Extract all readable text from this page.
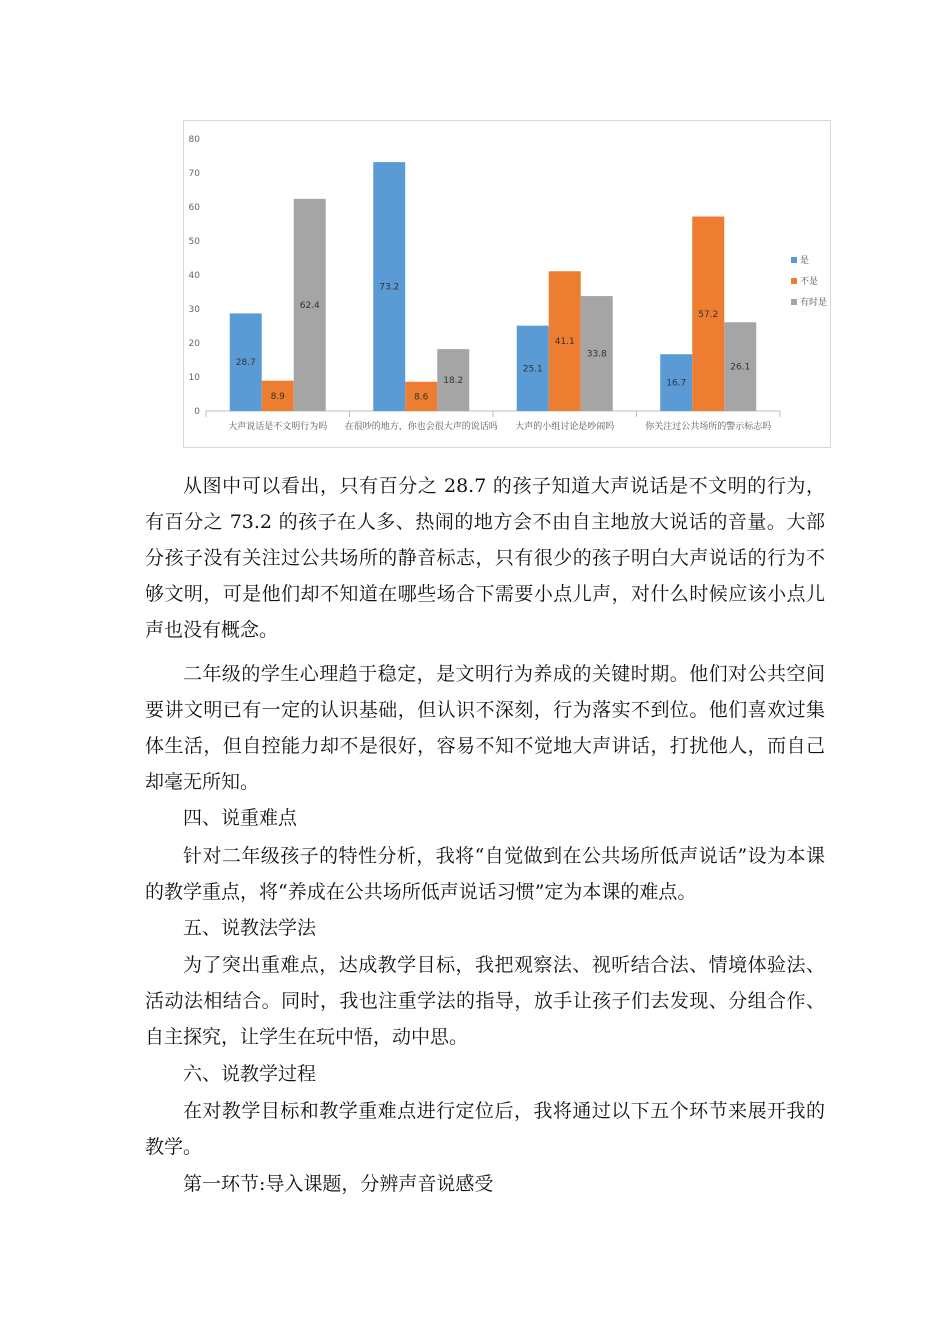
0
10
20
30
40
50
60
70
80
28.7
8.9
62.4
大声说话是不文明行为吗
73.2
8.6
18.2
在很吵的地方，你也会很大声的说话吗
25.1
41.1
33.8
大声的小组讨论是吵闹吗
16.7
57.2
26.1
你关注过公共场所的警示标志吗
是
不是
有时是

从图中可以看出，只有百分之 28.7 的孩子知道大声说话是不文明的行为，有百分之 73.2 的孩子在人多、热闹的地方会不由自主地放大说话的音量。大部分孩子没有关注过公共场所的静音标志，只有很少的孩子明白大声说话的行为不够文明，可是他们却不知道在哪些场合下需要小点儿声，对什么时候应该小点儿声也没有概念。

二年级的学生心理趋于稳定，是文明行为养成的关键时期。他们对公共空间要讲文明已有一定的认识基础，但认识不深刻，行为落实不到位。他们喜欢过集体生活，但自控能力却不是很好，容易不知不觉地大声讲话，打扰他人，而自己却毫无所知。

四、说重难点

针对二年级孩子的特性分析，我将“自觉做到在公共场所低声说话”设为本课的教学重点，将“养成在公共场所低声说话习惯”定为本课的难点。

五、说教法学法

为了突出重难点，达成教学目标，我把观察法、视听结合法、情境体验法、活动法相结合。同时，我也注重学法的指导，放手让孩子们去发现、分组合作、自主探究，让学生在玩中悟，动中思。

六、说教学过程

在对教学目标和教学重难点进行定位后，我将通过以下五个环节来展开我的教学。

第一环节:导入课题，分辨声音说感受
